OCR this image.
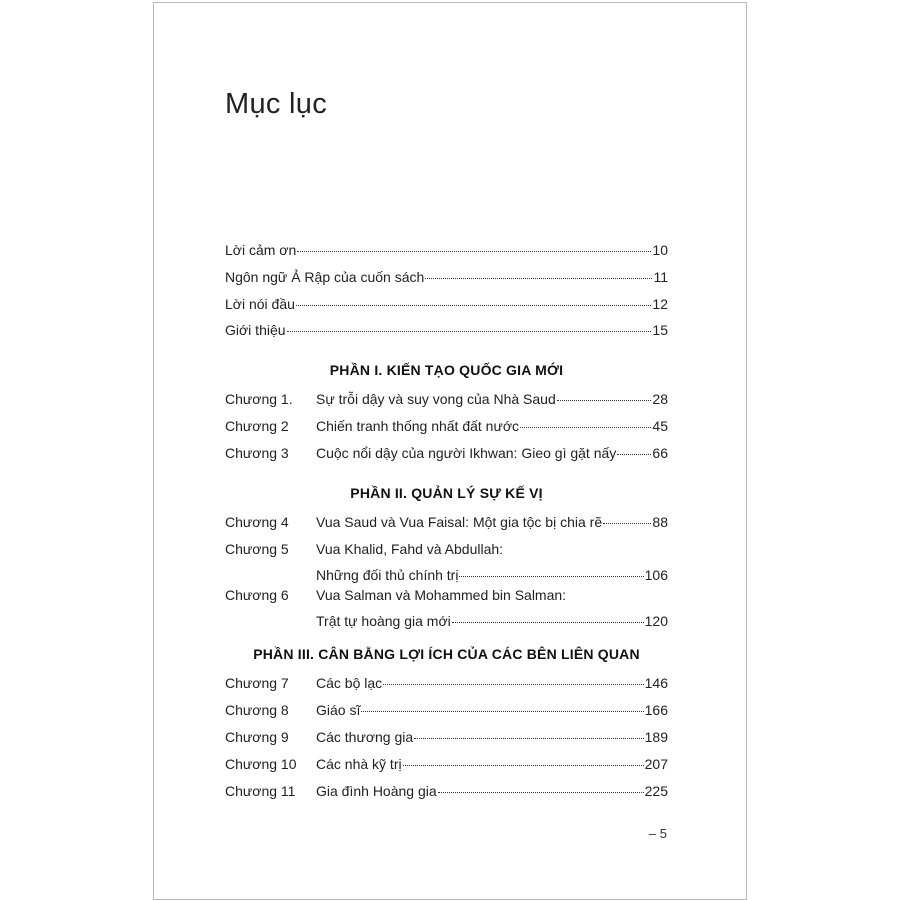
Mục lục
Lời cảm ơn	10
Ngôn ngữ Ả Rập của cuốn sách	11
Lời nói đầu	12
Giới thiệu	15
PHẦN I. KIẾN TẠO QUỐC GIA MỚI
Chương 1.	Sự trỗi dậy và suy vong của Nhà Saud	28
Chương 2	Chiến tranh thống nhất đất nước	45
Chương 3	Cuộc nổi dậy của người Ikhwan: Gieo gì gặt nấy	66
PHẦN II. QUẢN LÝ SỰ KẾ VỊ
Chương 4	Vua Saud và Vua Faisal: Một gia tộc bị chia rẽ	88
Chương 5	Vua Khalid, Fahd và Abdullah:
Những đối thủ chính trị	106
Chương 6	Vua Salman và Mohammed bin Salman:
Trật tự hoàng gia mới	120
PHẦN III. CÂN BẰNG LỢI ÍCH CỦA CÁC BÊN LIÊN QUAN
Chương 7	Các bộ lạc	146
Chương 8	Giáo sĩ	166
Chương 9	Các thương gia	189
Chương 10	Các nhà kỹ trị	207
Chương 11	Gia đình Hoàng gia	225
– 5
